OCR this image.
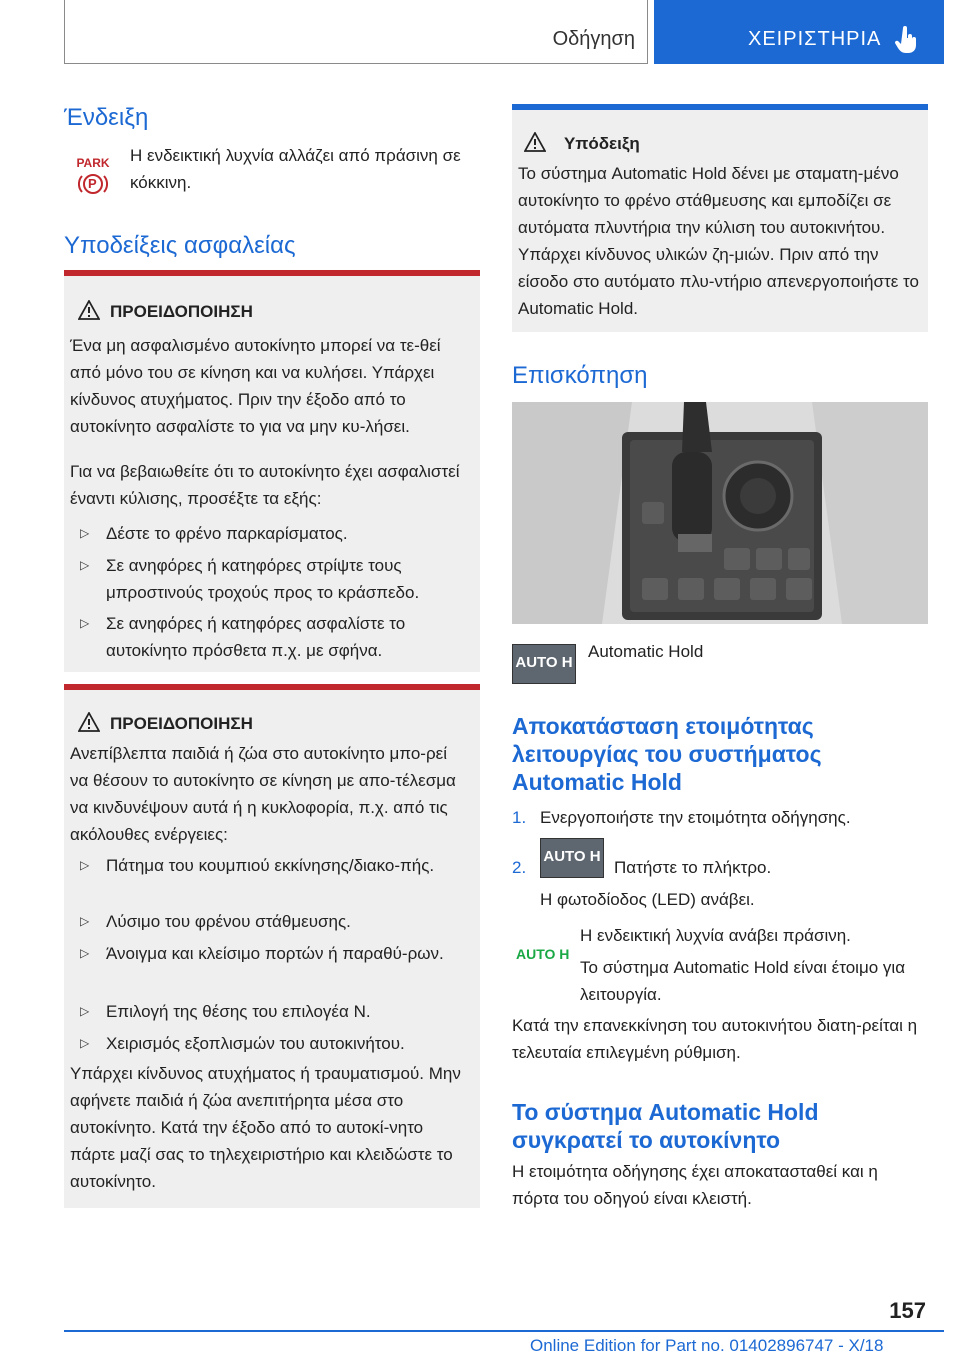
Οδήγηση	ΧΕΙΡΙΣΤΗΡΙΑ
Ένδειξη
PARK
P

Η ενδεικτική λυχνία αλλάζει από πράσινη σε κόκκινη.

Υποδείξεις ασφαλείας
ΠΡΟΕΙΔΟΠΟΙΗΣΗ

Ένα μη ασφαλισμένο αυτοκίνητο μπορεί να τε-θεί από μόνο του σε κίνηση και να κυλήσει. Υπάρχει κίνδυνος ατυχήματος. Πριν την έξοδο από το αυτοκίνητο ασφαλίστε το για να μην κυ-λήσει.

Για να βεβαιωθείτε ότι το αυτοκίνητο έχει ασφαλιστεί έναντι κύλισης, προσέξτε τα εξής:

▷ Δέστε το φρένο παρκαρίσματος.
▷ Σε ανηφόρες ή κατηφόρες στρίψτε τους μπροστινούς τροχούς προς το κράσπεδο.
▷ Σε ανηφόρες ή κατηφόρες ασφαλίστε το αυτοκίνητο πρόσθετα π.χ. με σφήνα.
ΠΡΟΕΙΔΟΠΟΙΗΣΗ

Ανεπίβλεπτα παιδιά ή ζώα στο αυτοκίνητο μπο-ρεί να θέσουν το αυτοκίνητο σε κίνηση με απο-τέλεσμα να κινδυνέψουν αυτά ή η κυκλοφορία, π.χ. από τις ακόλουθες ενέργειες:

▷ Πάτημα του κουμπιού εκκίνησης/διακο-πής.
▷ Λύσιμο του φρένου στάθμευσης.
▷ Άνοιγμα και κλείσιμο πορτών ή παραθύ-ρων.
▷ Επιλογή της θέσης του επιλογέα N.
▷ Χειρισμός εξοπλισμών του αυτοκινήτου.

Υπάρχει κίνδυνος ατυχήματος ή τραυματισμού. Μην αφήνετε παιδιά ή ζώα ανεπιτήρητα μέσα στο αυτοκίνητο. Κατά την έξοδο από το αυτοκί-νητο πάρτε μαζί σας το τηλεχειριστήριο και κλειδώστε το αυτοκίνητο.

Υπόδειξη

Το σύστημα Automatic Hold δένει με σταματη-μένο αυτοκίνητο το φρένο στάθμευσης και εμποδίζει σε αυτόματα πλυντήρια την κύλιση του αυτοκινήτου. Υπάρχει κίνδυνος υλικών ζη-μιών. Πριν από την είσοδο στο αυτόματο πλυ-ντήριο απενεργοποιήστε το Automatic Hold.

Επισκόπηση
AUTO H

Automatic Hold

Αποκατάσταση ετοιμότητας λειτουργίας του συστήματος Automatic Hold
1. Ενεργοποιήστε την ετοιμότητα οδήγησης.

2.
AUTO H

Πατήστε το πλήκτρο.

Η φωτοδίοδος (LED) ανάβει.

AUTO H

Η ενδεικτική λυχνία ανάβει πράσινη.

Το σύστημα Automatic Hold είναι έτοιμο για λειτουργία.

Κατά την επανεκκίνηση του αυτοκινήτου διατη-ρείται η τελευταία επιλεγμένη ρύθμιση.

Το σύστημα Automatic Hold συγκρατεί το αυτοκίνητο

Η ετοιμότητα οδήγησης έχει αποκατασταθεί και η πόρτα του οδηγού είναι κλειστή.

157
Online Edition for Part no. 01402896747 - X/18
